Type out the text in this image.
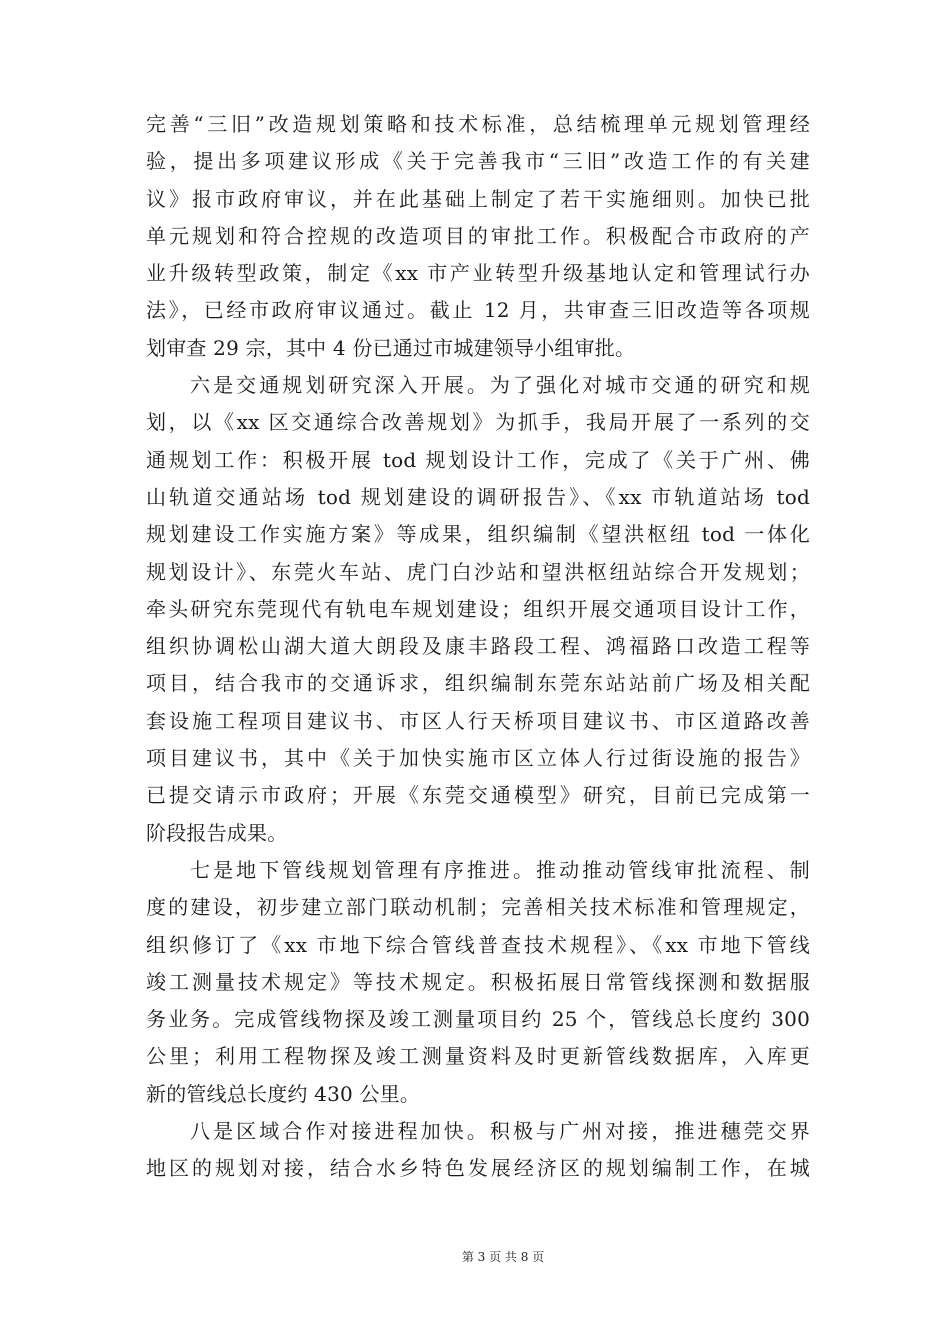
完善“三旧”改造规划策略和技术标准，总结梳理单元规划管理经
验，提出多项建议形成《关于完善我市“三旧”改造工作的有关建
议》报市政府审议，并在此基础上制定了若干实施细则。加快已批
单元规划和符合控规的改造项目的审批工作。积极配合市政府的产
业升级转型政策，制定《xx 市产业转型升级基地认定和管理试行办
法》，已经市政府审议通过。截止 12 月，共审查三旧改造等各项规
划审查 29 宗，其中 4 份已通过市城建领导小组审批。
六是交通规划研究深入开展。为了强化对城市交通的研究和规
划，以《xx 区交通综合改善规划》为抓手，我局开展了一系列的交
通规划工作：积极开展 tod 规划设计工作，完成了《关于广州、佛
山轨道交通站场 tod 规划建设的调研报告》、《xx 市轨道站场 tod
规划建设工作实施方案》等成果，组织编制《望洪枢纽 tod 一体化
规划设计》、东莞火车站、虎门白沙站和望洪枢纽站综合开发规划；
牵头研究东莞现代有轨电车规划建设；组织开展交通项目设计工作，
组织协调松山湖大道大朗段及康丰路段工程、鸿福路口改造工程等
项目，结合我市的交通诉求，组织编制东莞东站站前广场及相关配
套设施工程项目建议书、市区人行天桥项目建议书、市区道路改善
项目建议书，其中《关于加快实施市区立体人行过街设施的报告》
已提交请示市政府；开展《东莞交通模型》研究，目前已完成第一
阶段报告成果。
七是地下管线规划管理有序推进。推动推动管线审批流程、制
度的建设，初步建立部门联动机制；完善相关技术标准和管理规定，
组织修订了《xx 市地下综合管线普查技术规程》、《xx 市地下管线
竣工测量技术规定》等技术规定。积极拓展日常管线探测和数据服
务业务。完成管线物探及竣工测量项目约 25 个，管线总长度约 300
公里；利用工程物探及竣工测量资料及时更新管线数据库，入库更
新的管线总长度约 430 公里。
八是区域合作对接进程加快。积极与广州对接，推进穗莞交界
地区的规划对接，结合水乡特色发展经济区的规划编制工作，在城
第 3 页 共 8 页
